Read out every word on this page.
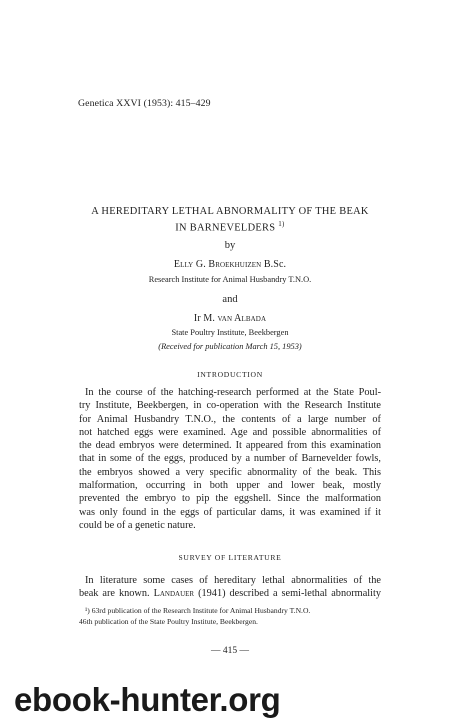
Genetica XXVI (1953): 415–429
A HEREDITARY LETHAL ABNORMALITY OF THE BEAK
IN BARNEVELDERS $^{1)}$
by
Elly G. Broekhuizen B.Sc.
Research Institute for Animal Husbandry T.N.O.
and
Ir M. van Albada
State Poultry Institute, Beekbergen
(Received for publication March 15, 1953)
INTRODUCTION
In the course of the hatching-research performed at the State Poul-
try Institute, Beekbergen, in co-operation with the Research Institute
for Animal Husbandry T.N.O., the contents of a large number of
not hatched eggs were examined. Age and possible abnormalities of
the dead embryos were determined. It appeared from this examination
that in some of the eggs, produced by a number of Barnevelder fowls,
the embryos showed a very specific abnormality of the beak. This
malformation, occurring in both upper and lower beak, mostly
prevented the embryo to pip the eggshell. Since the malformation
was only found in the eggs of particular dams, it was examined if it
could be of a genetic nature.
SURVEY OF LITERATURE
In literature some cases of hereditary lethal abnormalities of the
beak are known. Landauer (1941) described a semi-lethal abnormality
¹) 63rd publication of the Research Institute for Animal Husbandry T.N.O.
46th publication of the State Poultry Institute, Beekbergen.
— 415 —
ebook-hunter.org
